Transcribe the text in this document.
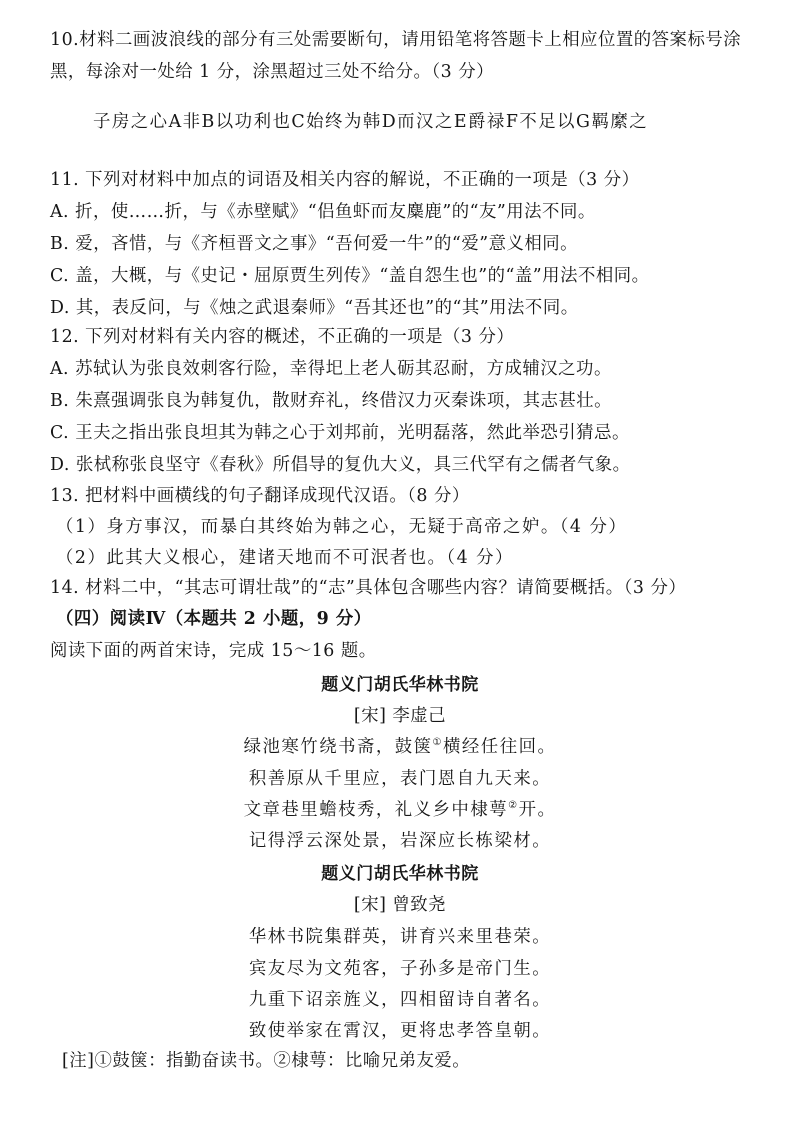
10.材料二画波浪线的部分有三处需要断句，请用铅笔将答题卡上相应位置的答案标号涂
黑，每涂对一处给 1 分，涂黑超过三处不给分。（3 分）
子房之心A非B以功利也C始终为韩D而汉之E爵禄F不足以G羁縻之
11. 下列对材料中加点的词语及相关内容的解说，不正确的一项是（3 分）
A. 折，使……折，与《赤壁赋》“侣鱼虾而友麋鹿”的“友”用法不同。
B. 爱，吝惜，与《齐桓晋文之事》“吾何爱一牛”的“爱”意义相同。
C. 盖，大概，与《史记・屈原贾生列传》“盖自怨生也”的“盖”用法不相同。
D. 其，表反问，与《烛之武退秦师》“吾其还也”的“其”用法不同。
12. 下列对材料有关内容的概述，不正确的一项是（3 分）
A. 苏轼认为张良效刺客行险，幸得圯上老人砺其忍耐，方成辅汉之功。
B. 朱熹强调张良为韩复仇，散财弃礼，终借汉力灭秦诛项，其志甚壮。
C. 王夫之指出张良坦其为韩之心于刘邦前，光明磊落，然此举恐引猜忌。
D. 张栻称张良坚守《春秋》所倡导的复仇大义，具三代罕有之儒者气象。
13. 把材料中画横线的句子翻译成现代汉语。（8 分）
（1）身方事汉，而暴白其终始为韩之心，无疑于高帝之妒。（4 分）
（2）此其大义根心，建诸天地而不可泯者也。（4 分）
14. 材料二中，“其志可谓壮哉”的“志”具体包含哪些内容？请简要概括。（3 分）
（四）阅读Ⅳ（本题共 2 小题，9 分）
阅读下面的两首宋诗，完成 15～16 题。
题义门胡氏华林书院
[宋] 李虚己
绿池寒竹绕书斋，鼓箧①横经任往回。
积善原从千里应，表门恩自九天来。
文章巷里蟾枝秀，礼义乡中棣萼②开。
记得浮云深处景，岩深应长栋梁材。
题义门胡氏华林书院
[宋] 曾致尧
华林书院集群英，讲育兴来里巷荣。
宾友尽为文苑客，子孙多是帝门生。
九重下诏亲旌义，四相留诗自著名。
致使举家在霄汉，更将忠孝答皇朝。
[注]①鼓箧：指勤奋读书。②棣萼：比喻兄弟友爱。
